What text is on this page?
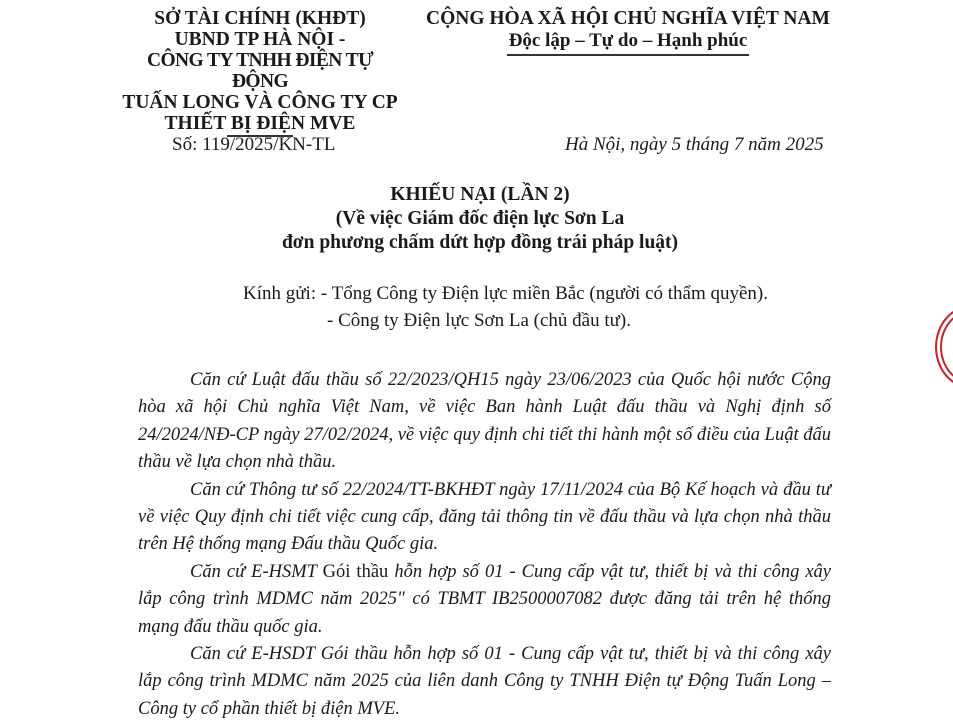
SỞ TÀI CHÍNH (KHĐT)
UBND TP HÀ NỘI -
CÔNG TY TNHH ĐIỆN TỰ ĐỘNG
TUẤN LONG VÀ CÔNG TY CP
THIẾT BỊ ĐIỆN MVE
Số: 119/2025/KN-TL
CỘNG HÒA XÃ HỘI CHỦ NGHĨA VIỆT NAM
Độc lập – Tự do – Hạnh phúc
Hà Nội, ngày 5 tháng 7 năm 2025
KHIẾU NẠI (LẦN 2)
(Về việc Giám đốc điện lực Sơn La
đơn phương chấm dứt hợp đồng trái pháp luật)
Kính gửi: - Tổng Công ty Điện lực miền Bắc (người có thẩm quyền).
- Công ty Điện lực Sơn La (chủ đầu tư).

Căn cứ Luật đấu thầu số 22/2023/QH15 ngày 23/06/2023 của Quốc hội nước Cộng hòa xã hội Chủ nghĩa Việt Nam, về việc Ban hành Luật đấu thầu và Nghị định số 24/2024/NĐ-CP ngày 27/02/2024, về việc quy định chi tiết thi hành một số điều của Luật đấu thầu về lựa chọn nhà thầu.

Căn cứ Thông tư số 22/2024/TT-BKHĐT ngày 17/11/2024 của Bộ Kế hoạch và đầu tư về việc Quy định chi tiết việc cung cấp, đăng tải thông tin về đấu thầu và lựa chọn nhà thầu trên Hệ thống mạng Đấu thầu Quốc gia.

Căn cứ E-HSMT Gói thầu hỗn hợp số 01 - Cung cấp vật tư, thiết bị và thi công xây lắp công trình MDMC năm 2025" có TBMT IB2500007082 được đăng tải trên hệ thống mạng đấu thầu quốc gia.

Căn cứ E-HSDT Gói thầu hỗn hợp số 01 - Cung cấp vật tư, thiết bị và thi công xây lắp công trình MDMC năm 2025 của liên danh Công ty TNHH Điện tự Động Tuấn Long – Công ty cổ phần thiết bị điện MVE.
